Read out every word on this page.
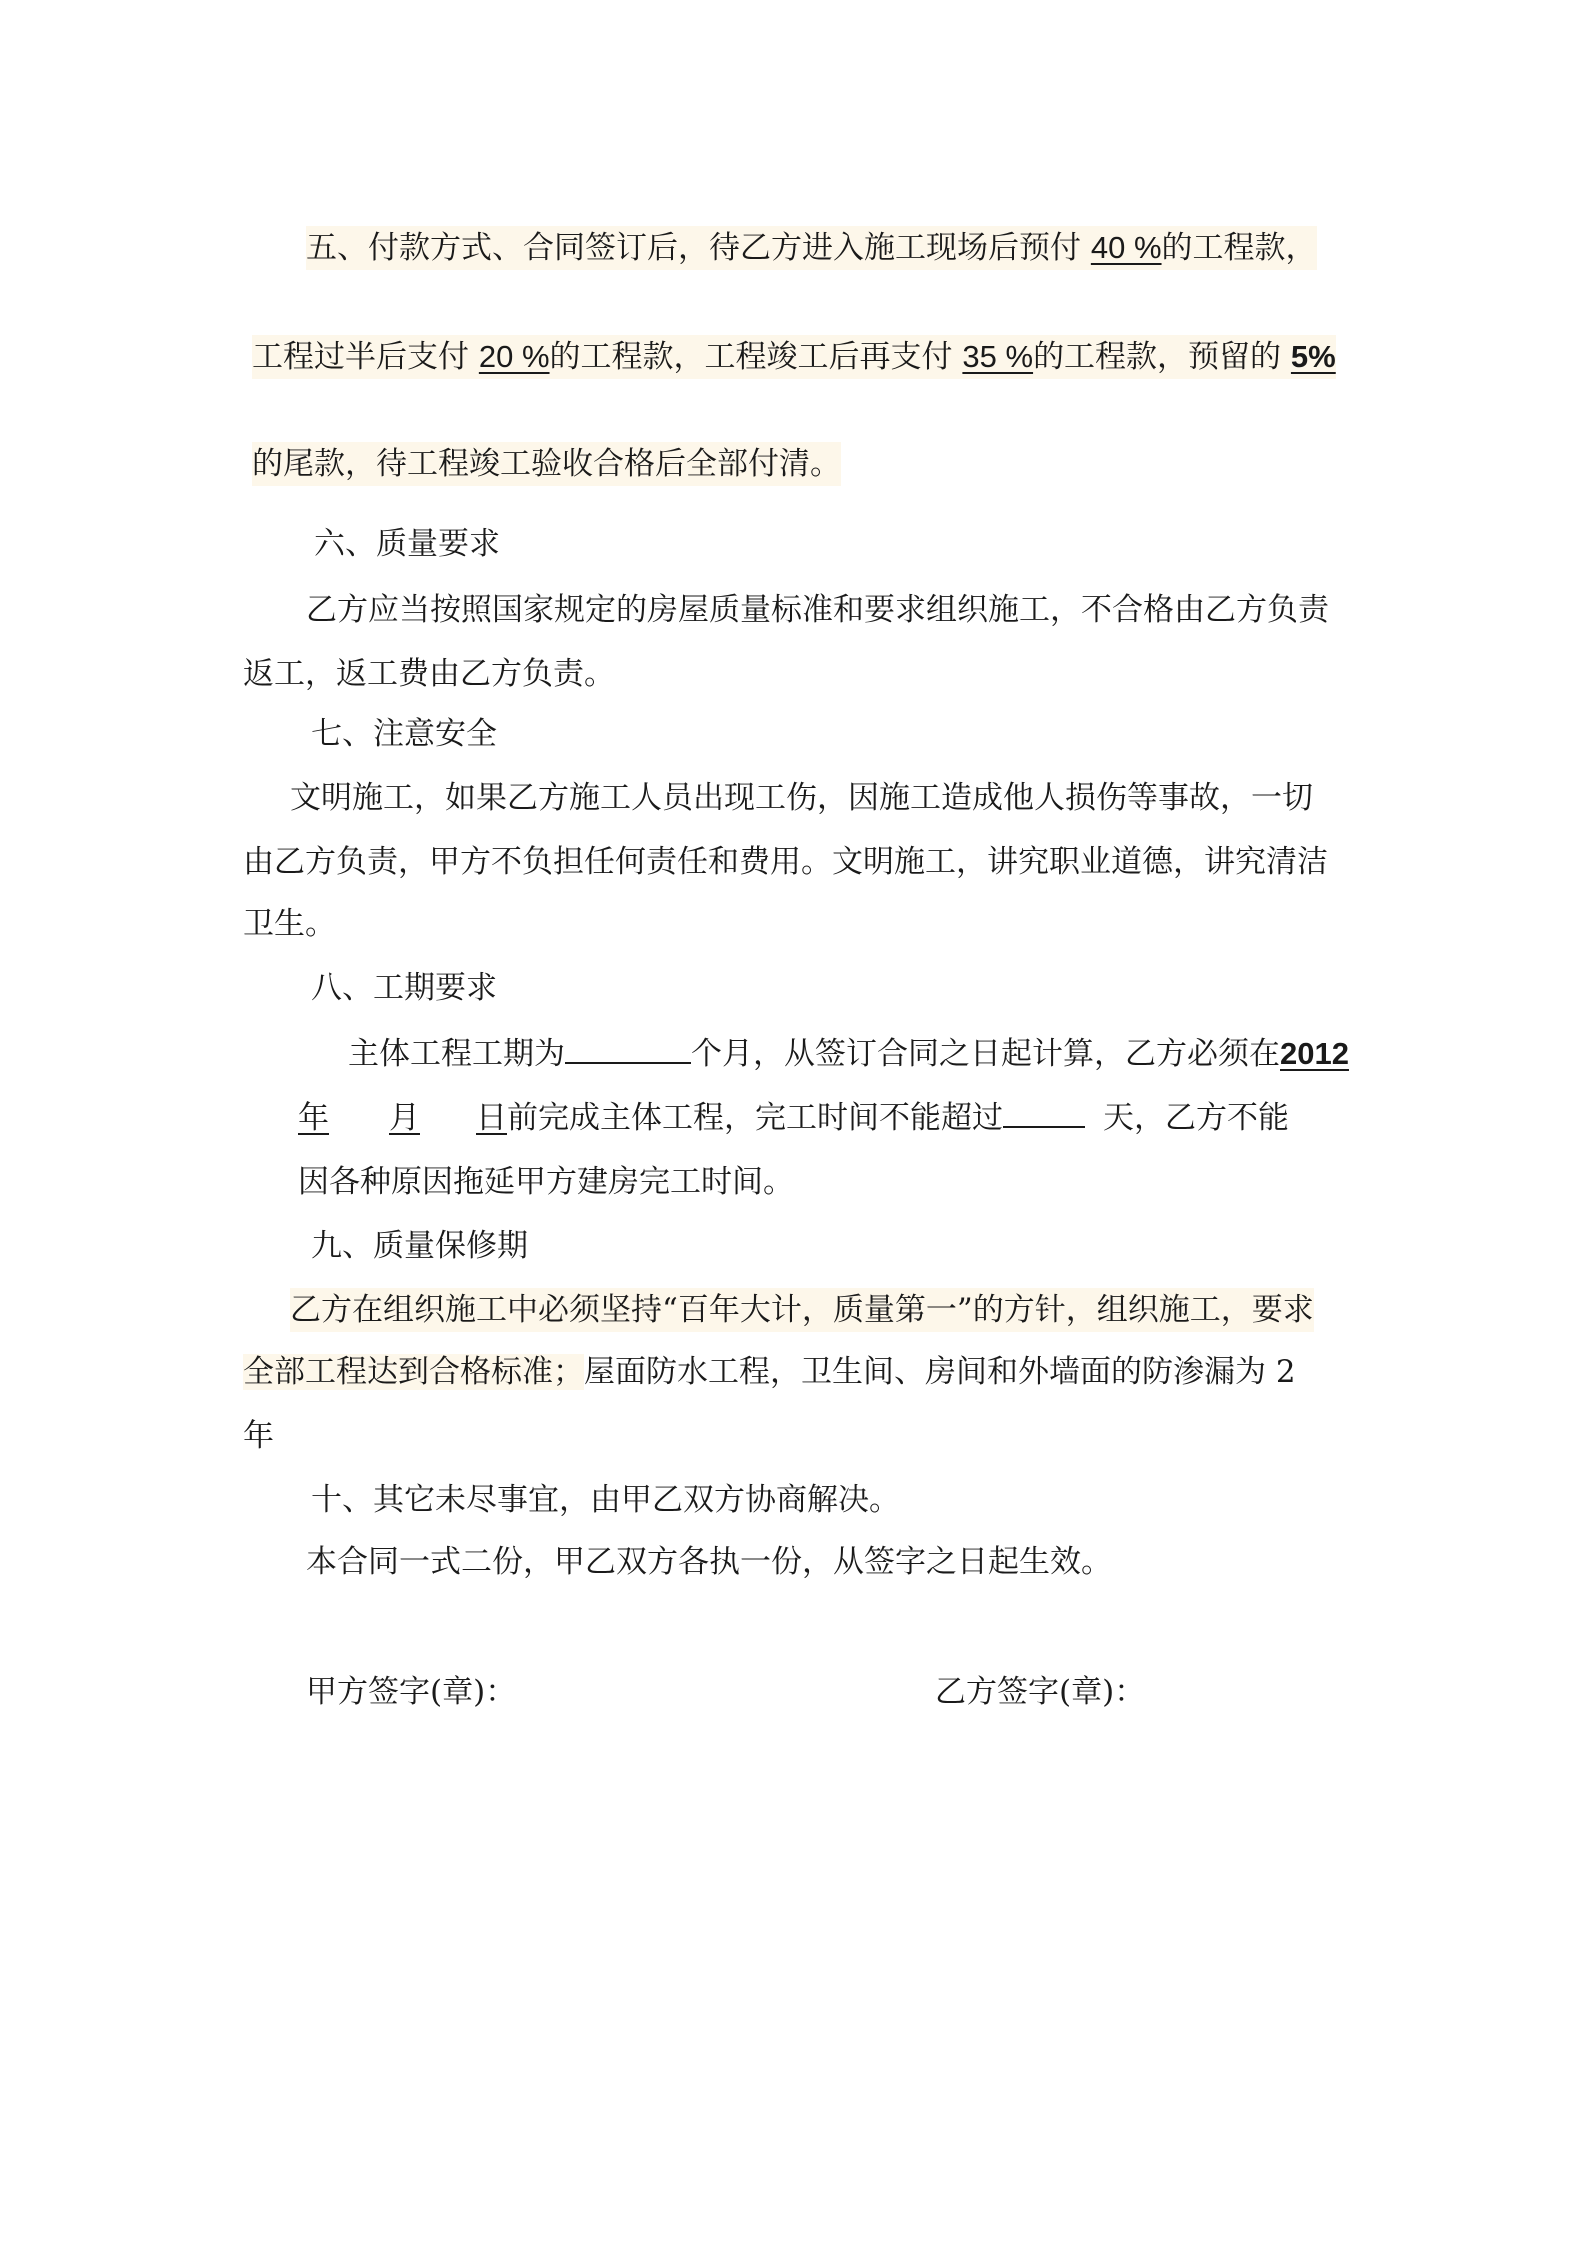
五、付款方式、合同签订后，待乙方进入施工现场后预付 40 %的工程款，
工程过半后支付 20 %的工程款，工程竣工后再支付 35 %的工程款，预留的 5%
的尾款，待工程竣工验收合格后全部付清。
六、质量要求
乙方应当按照国家规定的房屋质量标准和要求组织施工，不合格由乙方负责
返工，返工费由乙方负责。
七、注意安全
文明施工，如果乙方施工人员出现工伤，因施工造成他人损伤等事故，一切
由乙方负责，甲方不负担任何责任和费用。文明施工，讲究职业道德，讲究清洁
卫生。
八、工期要求
主体工程工期为	个月，从签订合同之日起计算，乙方必须在2012
年 月 日前完成主体工程，完工时间不能超过	天，乙方不能
因各种原因拖延甲方建房完工时间。
九、质量保修期
乙方在组织施工中必须坚持“百年大计，质量第一”的方针，组织施工，要求
全部工程达到合格标准；屋面防水工程，卫生间、房间和外墙面的防渗漏为 2
年
十、其它未尽事宜，由甲乙双方协商解决。
本合同一式二份，甲乙双方各执一份，从签字之日起生效。
甲方签字(章)：	乙方签字(章)：
